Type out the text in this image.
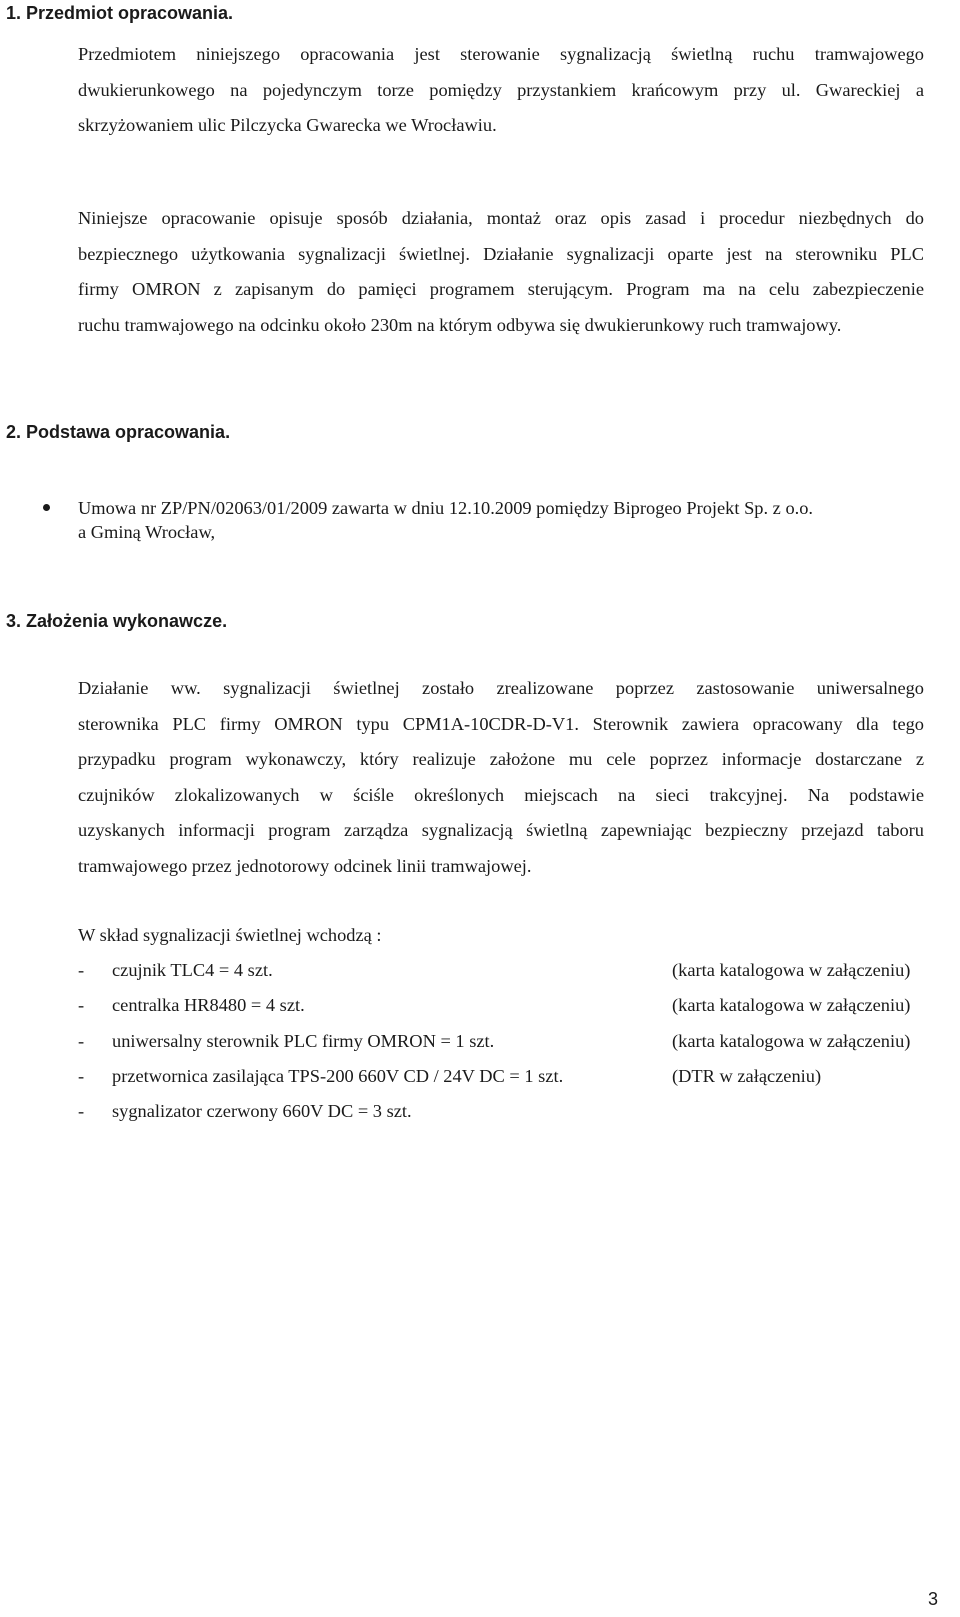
1. Przedmiot opracowania.

Przedmiotem niniejszego opracowania jest sterowanie sygnalizacją świetlną ruchu tramwajowego
dwukierunkowego na pojedynczym torze pomiędzy przystankiem krańcowym przy ul. Gwareckiej a
skrzyżowaniem ulic Pilczycka Gwarecka we Wrocławiu.

Niniejsze opracowanie opisuje sposób działania, montaż oraz opis zasad i procedur niezbędnych do
bezpiecznego użytkowania sygnalizacji świetlnej. Działanie sygnalizacji oparte jest na sterowniku PLC
firmy OMRON z zapisanym do pamięci programem sterującym. Program ma na celu zabezpieczenie
ruchu tramwajowego na odcinku około 230m na którym odbywa się dwukierunkowy ruch tramwajowy.

2. Podstawa opracowania.
Umowa nr ZP/PN/02063/01/2009 zawarta w dniu 12.10.2009 pomiędzy Biprogeo Projekt Sp. z o.o.
a Gminą Wrocław,
3. Założenia wykonawcze.

Działanie ww. sygnalizacji świetlnej zostało zrealizowane poprzez zastosowanie uniwersalnego
sterownika PLC firmy OMRON typu CPM1A-10CDR-D-V1. Sterownik zawiera opracowany dla tego
przypadku program wykonawczy, który realizuje założone mu cele poprzez informacje dostarczane z
czujników zlokalizowanych w ściśle określonych miejscach na sieci trakcyjnej. Na podstawie
uzyskanych informacji program zarządza sygnalizacją świetlną zapewniając bezpieczny przejazd taboru
tramwajowego przez jednotorowy odcinek linii tramwajowej.

W skład sygnalizacji świetlnej wchodzą :
- czujnik TLC4 = 4 szt.	(karta katalogowa w załączeniu)
- centralka HR8480 = 4 szt.	(karta katalogowa w załączeniu)
- uniwersalny sterownik PLC firmy OMRON = 1 szt.	(karta katalogowa w załączeniu)
- przetwornica zasilająca TPS-200 660V CD / 24V DC = 1 szt.	(DTR w załączeniu)
- sygnalizator czerwony 660V DC = 3 szt.
3
